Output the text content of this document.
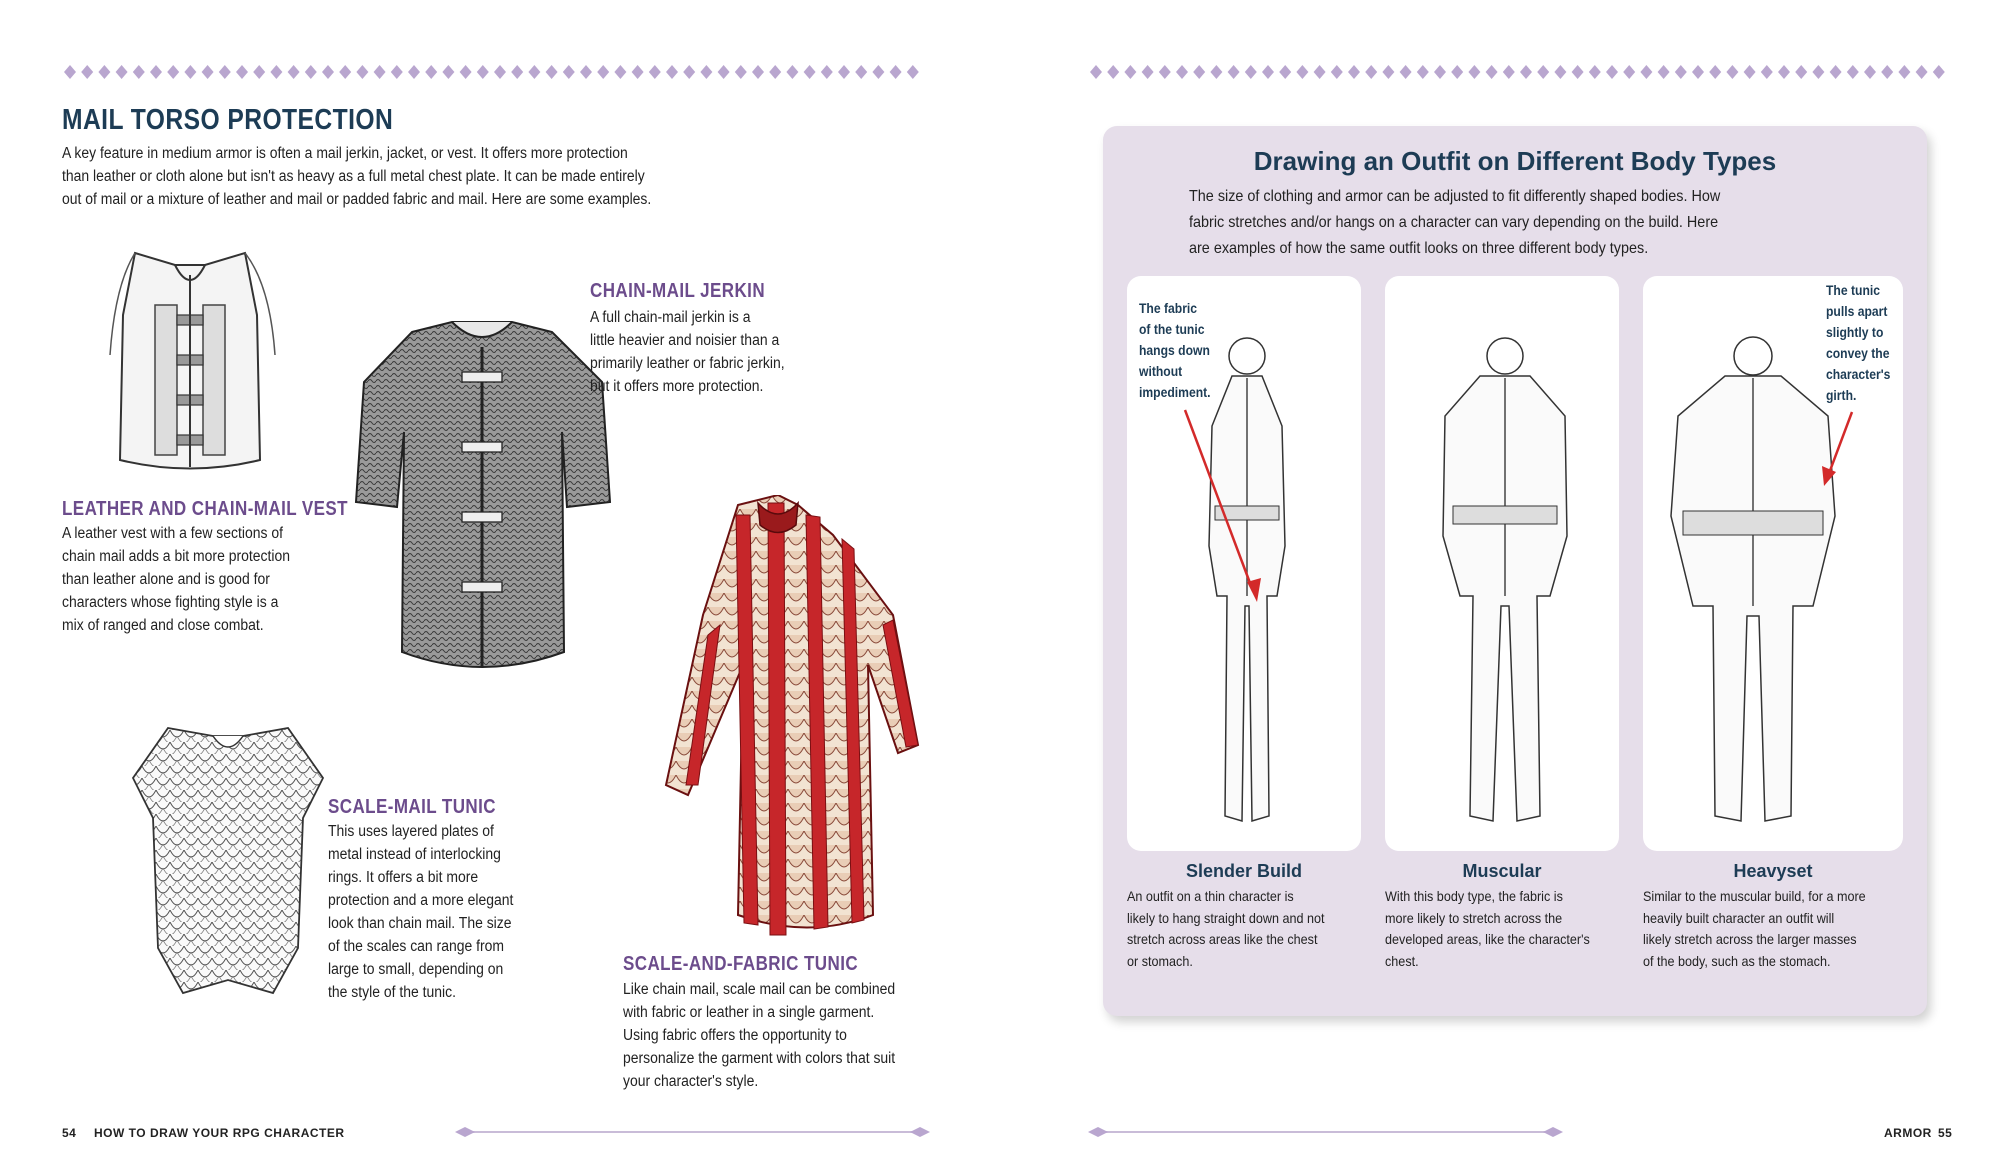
MAIL TORSO PROTECTION
A key feature in medium armor is often a mail jerkin, jacket, or vest. It offers more protection
than leather or cloth alone but isn't as heavy as a full metal chest plate. It can be made entirely
out of mail or a mixture of leather and mail or padded fabric and mail. Here are some examples.
LEATHER AND CHAIN-MAIL VEST
A leather vest with a few sections of
chain mail adds a bit more protection
than leather alone and is good for
characters whose fighting style is a
mix of ranged and close combat.
CHAIN-MAIL JERKIN
A full chain-mail jerkin is a
little heavier and noisier than a
primarily leather or fabric jerkin,
but it offers more protection.
SCALE-MAIL TUNIC
This uses layered plates of
metal instead of interlocking
rings. It offers a bit more
protection and a more elegant
look than chain mail. The size
of the scales can range from
large to small, depending on
the style of the tunic.
SCALE-AND-FABRIC TUNIC
Like chain mail, scale mail can be combined
with fabric or leather in a single garment.
Using fabric offers the opportunity to
personalize the garment with colors that suit
your character's style.
54 HOW TO DRAW YOUR RPG CHARACTER
Drawing an Outfit on Different Body Types
The size of clothing and armor can be adjusted to fit differently shaped bodies. How
fabric stretches and/or hangs on a character can vary depending on the build. Here
are examples of how the same outfit looks on three different body types.
The fabric
of the tunic
hangs down
without
impediment.
The tunic
pulls apart
slightly to
convey the
character's
girth.
Slender Build
An outfit on a thin character is
likely to hang straight down and not
stretch across areas like the chest
or stomach.
Muscular
With this body type, the fabric is
more likely to stretch across the
developed areas, like the character's
chest.
Heavyset
Similar to the muscular build, for a more
heavily built character an outfit will
likely stretch across the larger masses
of the body, such as the stomach.
ARMOR 55
